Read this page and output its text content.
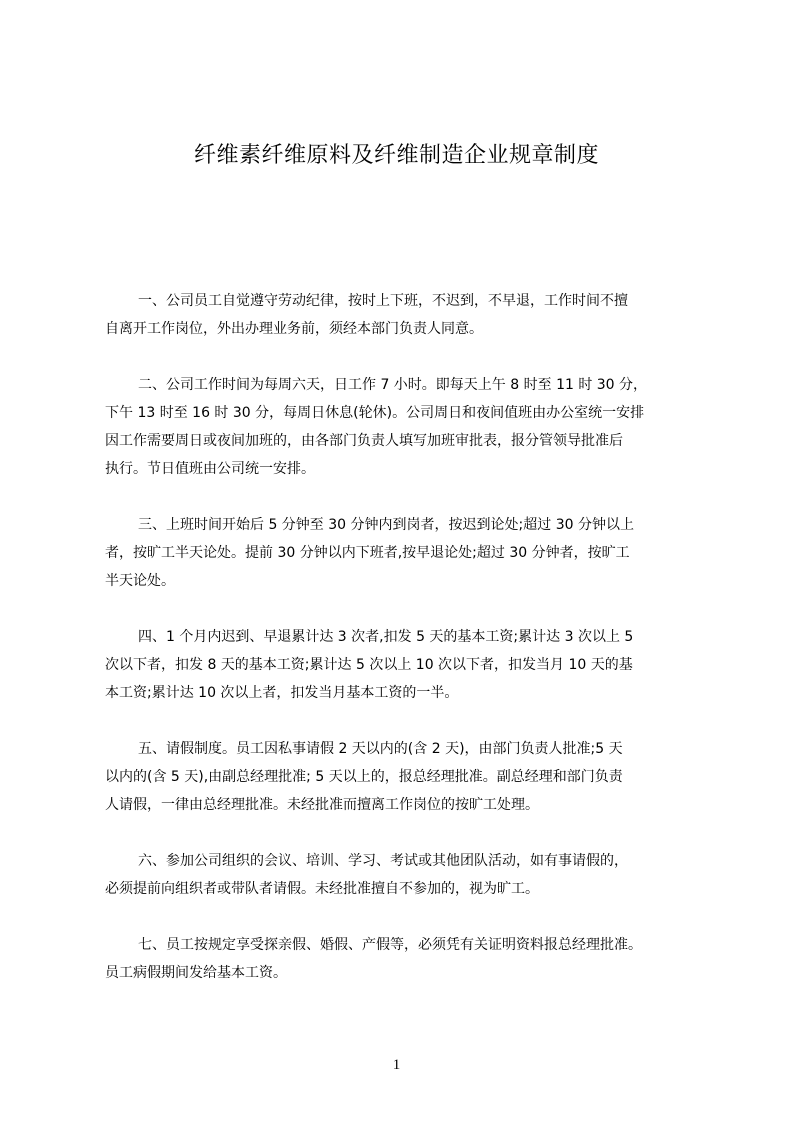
纤维素纤维原料及纤维制造企业规章制度
一、公司员工自觉遵守劳动纪律，按时上下班，不迟到，不早退，工作时间不擅
自离开工作岗位，外出办理业务前，须经本部门负责人同意。
二、公司工作时间为每周六天，日工作 7 小时。即每天上午 8 时至 11 时 30 分，
下午 13 时至 16 时 30 分，每周日休息(轮休)。公司周日和夜间值班由办公室统一安排
因工作需要周日或夜间加班的，由各部门负责人填写加班审批表，报分管领导批准后
执行。节日值班由公司统一安排。
三、上班时间开始后 5 分钟至 30 分钟内到岗者，按迟到论处;超过 30 分钟以上
者，按旷工半天论处。提前 30 分钟以内下班者,按早退论处;超过 30 分钟者，按旷工
半天论处。
四、1 个月内迟到、早退累计达 3 次者,扣发 5 天的基本工资;累计达 3 次以上 5
次以下者，扣发 8 天的基本工资;累计达 5 次以上 10 次以下者，扣发当月 10 天的基
本工资;累计达 10 次以上者，扣发当月基本工资的一半。
五、请假制度。员工因私事请假 2 天以内的(含 2 天)，由部门负责人批准;5 天
以内的(含 5 天),由副总经理批准; 5 天以上的，报总经理批准。副总经理和部门负责
人请假，一律由总经理批准。未经批准而擅离工作岗位的按旷工处理。
六、参加公司组织的会议、培训、学习、考试或其他团队活动，如有事请假的，
必须提前向组织者或带队者请假。未经批准擅自不参加的，视为旷工。
七、员工按规定享受探亲假、婚假、产假等，必须凭有关证明资料报总经理批准。
员工病假期间发给基本工资。
1
